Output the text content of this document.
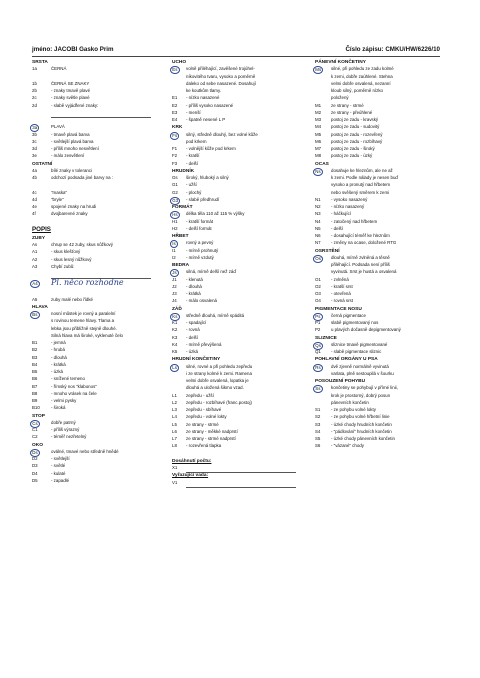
jméno: JACOBI Gasko Prim	Číslo zápisu: CMKU/HW/6226/10
SRSTA
1a	ČERNÁ
1b	ČERNÁ SE ZNAKY
2b	- znaky tmavě plavé
2c	- znaky světle plavé
2d	- slabě vyjádřené znaky:
3a	PLAVÁ
3b	- tmavě plavá barva
3c	- světlejší plavá barva
3d	- příliš mnoho nesvětlení
3e	- málo zesvětlení
OSTATNÍ
4a	bílé znaky v toleranci
4b	odchozí podsada jiné barvy na :
4c	"maska"
4d	"bryle"
4e	spojené znaky na hrudi
4f	dvojbarevné znaky
POPIS
ZUBY
As	chrup se 42 zuby, skus nůžkový
A1	- skus klešťový
A2	- skus lesný nůžkový
A3	Chybí zubů:
A4	Pl. něco rozhodne
A5	zuby malé nebo řídké
HLAVA
Bs	nosní můstek je rovný a paralelní
s rovinou temene hlavy. Tlama a
lebka jsou přibližně stejně dlouhé.
Silná hlava má široké, vyklenuté čelo
B1	- jemná
B2	- hrubá
B3	- dlouhá
B4	- krátká
B5	- úzká
B6	- snížené temeno
B7	- římský nos "klabonos"
B8	- mnoho vrásek na čele
B9	- velmi pysky
B10	- široká
STOP
Cs	dobře patrný
C1	- příliš výrazný
C2	- téměř nezřetelný
OKO
Ds	oválné, tmavé nebo středně hnědé
D2	- světlejší
D3	- světlé
D4	- kulaté
D5	- zapadlé
UCHO
Es	volně přiléhající, zavěšené trojúhel-
níkovitého tvaru, vysoko a poměrně
daleko od sebe nasazené. Dosahují
ke koutkům tlamy.
E1	- nízko nasazené
E2	- příliš vysoko nasazené
E3	- menší
E4	- špatně nesené L P
KRK
Fs	silný, středně dlouhý, bez volné kůže
pod krkem
F1	- volnější kůže pod krkem
F2	- kratší
F3	- delší
HRUDNÍK
Gs	široký, hluboký a silný
G1	- užší
G2	- plochý
G3	- slabě předhrudí
FORMÁT
Hs	délka těla 110 až 115 % výšky
H1	- kratší formát
H2	- delší formát
HŘBET
Is	rovný a pevný
I1	- mírně prohnutý
I2	- mírně vzdutý
BEDRA
Js	silná, mírně delší než záď
J1	- klenutá
J2	- dlouhá
J3	- krátká
J4	- málo osvalená
ZÁĎ
Ks	středně dlouhá, mírně spáditá
K1	- spadající
K2	- rovná
K3	- delší
K4	- mírně převýšená
K5	- úzká
HRUDNÍ KONČETINY
Ls	silné, rovné a při pohledu zepředu
i ze strany kolmé k zemi. Ramena
velmi dobře osvalená, lopatka je
dlouhá a uložená šikmo vzad.
L1	zepředu - užší
L2	zepředu - rozbíhavé (franc.postoj)
L3	zepředu - sbíhavé
L4	zepředu - volné lokty
L5	ze strany - strmé
L6	ze strany - měkké nadprstí
L7	ze strany - strmé nadprstí
L8	- rozevřená tlapka
Dosáhnutí počtu:
X1
Vyřazující vada:
V1
PÁNEVNÍ KONČETINY
Ms	silné, při pohledu ze zadu kolmé
k zemi, dobře zaúhlené. Stehna
velmi dobře osvalená, nezanní
kloub silný, poměrně nízko
položený
M1	ze strany - strmé
M2	ze strany - přeúhlené
M3	postoj ze zadu - kravský
M4	postoj ze zadu - sudovitý
M5	postoj ze zadu - rozevřený
M6	postoj ze zadu - rozbíhavý
M7	postoj ze zadu - široký
M8	postoj ze zadu - úzký
OCAS
Ns	dosahuje ke hleznům, ale ne až
k zemi. Podle nálady je nesen buď
vysoko a pronutý nad hřbetem
nebo svěšený směrem k zemi
N1	- vysoko nasazený
N2	- nízko nasazený
N3	- háčkující
N4	- zatočený nad hřbetem
N5	- delší
N6	- dosahující téměř ke hleznům
N7	- změny na ocase, doložené RTG
OSRSTĚNÍ
Os	dlouhá, mírně zvlněná a těsně
přiléhající. Podsada není příliš
vyvinutá. Srst je hustá a osvalená
O1	- zvlněná
O2	- kratší srst
O3	- otevřená
O4	- rovná srst
PIGMENTACE NOSU
Ps	černá pigmentace
P1	slabě pigmentovaný nos
P2	u plavých dočasně depigmentovaný
SLIZNICE
Qs	sliznice tmavě pigmentované
Q1	- slabě pigmentace sliznic
POHLAVNÍ ORGÁNY U PSA
Rs	dvě zjevně normálně vyvinutá
varlata, plně sestoupilá v šourku
POSOUZENÍ POHYBU
Ss	končetiny se pohybují v přímé linii,
krok je prostorný, dobrý posun
pánevních končetin
S1	- ze pohybu volné lokty
S2	- ze pohybu volné hřbetní linie
S3	- úzké chody hrudních končetin
S4	- "pádlování" hrudních končetin
S5	- úzké chody pánevních končetin
S6	- "vázané" chody
